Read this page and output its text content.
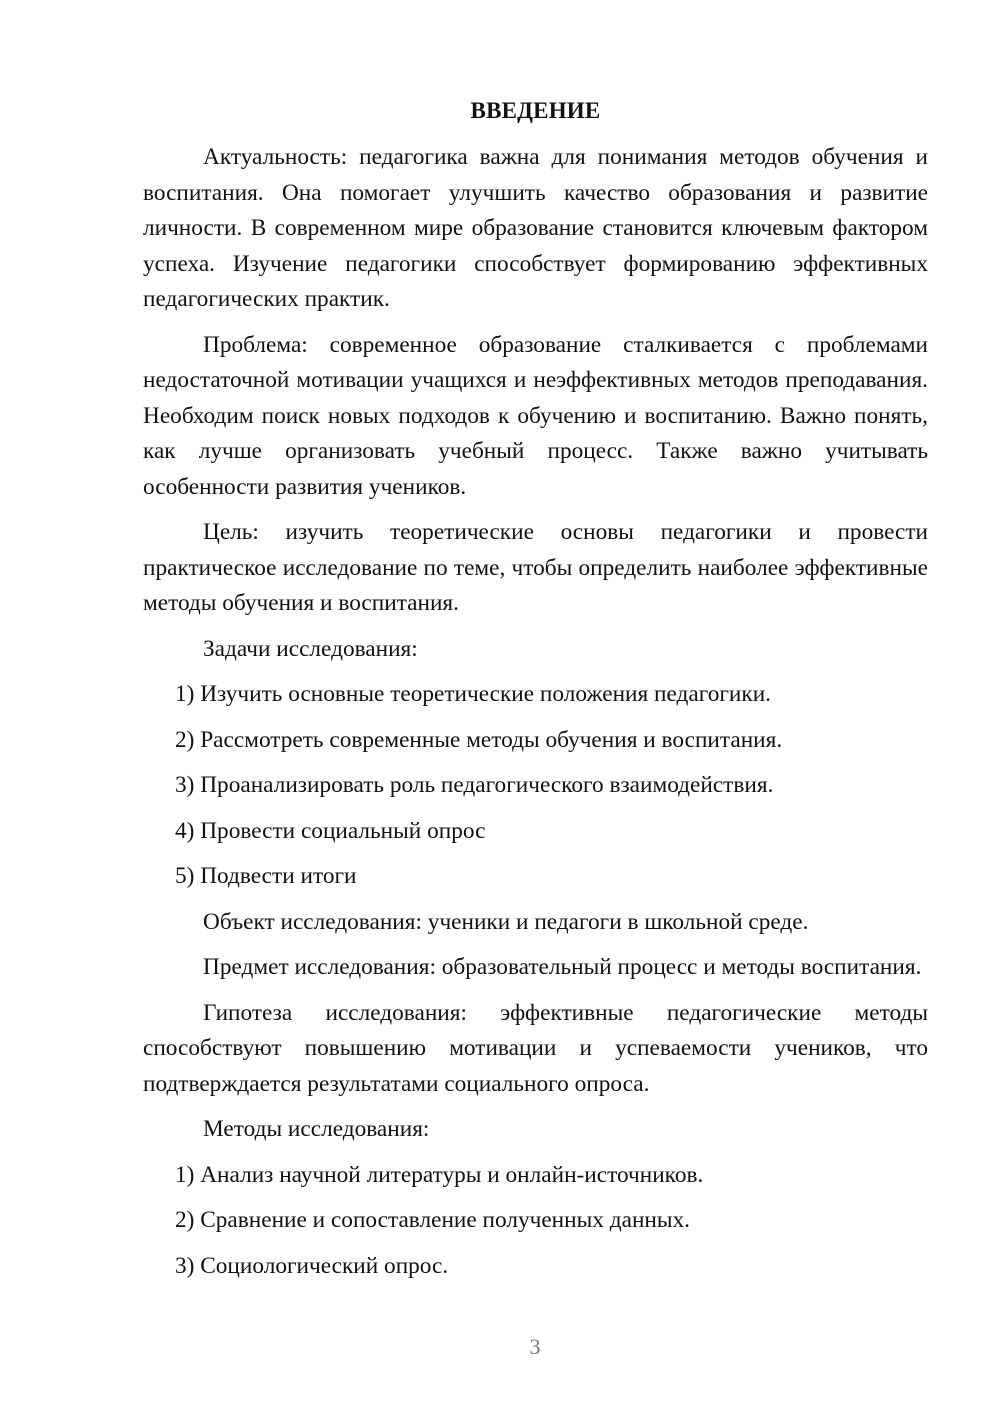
ВВЕДЕНИЕ

Актуальность: педагогика важна для понимания методов обучения и воспитания. Она помогает улучшить качество образования и развитие личности. В современном мире образование становится ключевым фактором успеха. Изучение педагогики способствует формированию эффективных педагогических практик.

Проблема: современное образование сталкивается с проблемами недостаточной мотивации учащихся и неэффективных методов преподавания. Необходим поиск новых подходов к обучению и воспитанию. Важно понять, как лучше организовать учебный процесс. Также важно учитывать особенности развития учеников.

Цель: изучить теоретические основы педагогики и провести практическое исследование по теме, чтобы определить наиболее эффективные методы обучения и воспитания.

Задачи исследования:
1) Изучить основные теоретические положения педагогики.
2) Рассмотреть современные методы обучения и воспитания.
3) Проанализировать роль педагогического взаимодействия.
4) Провести социальный опрос
5) Подвести итоги
Объект исследования: ученики и педагоги в школьной среде.

Предмет исследования: образовательный процесс и методы воспитания.

Гипотеза исследования: эффективные педагогические методы способствуют повышению мотивации и успеваемости учеников, что подтверждается результатами социального опроса.

Методы исследования:
1) Анализ научной литературы и онлайн-источников.
2) Сравнение и сопоставление полученных данных.
3) Социологический опрос.
3
